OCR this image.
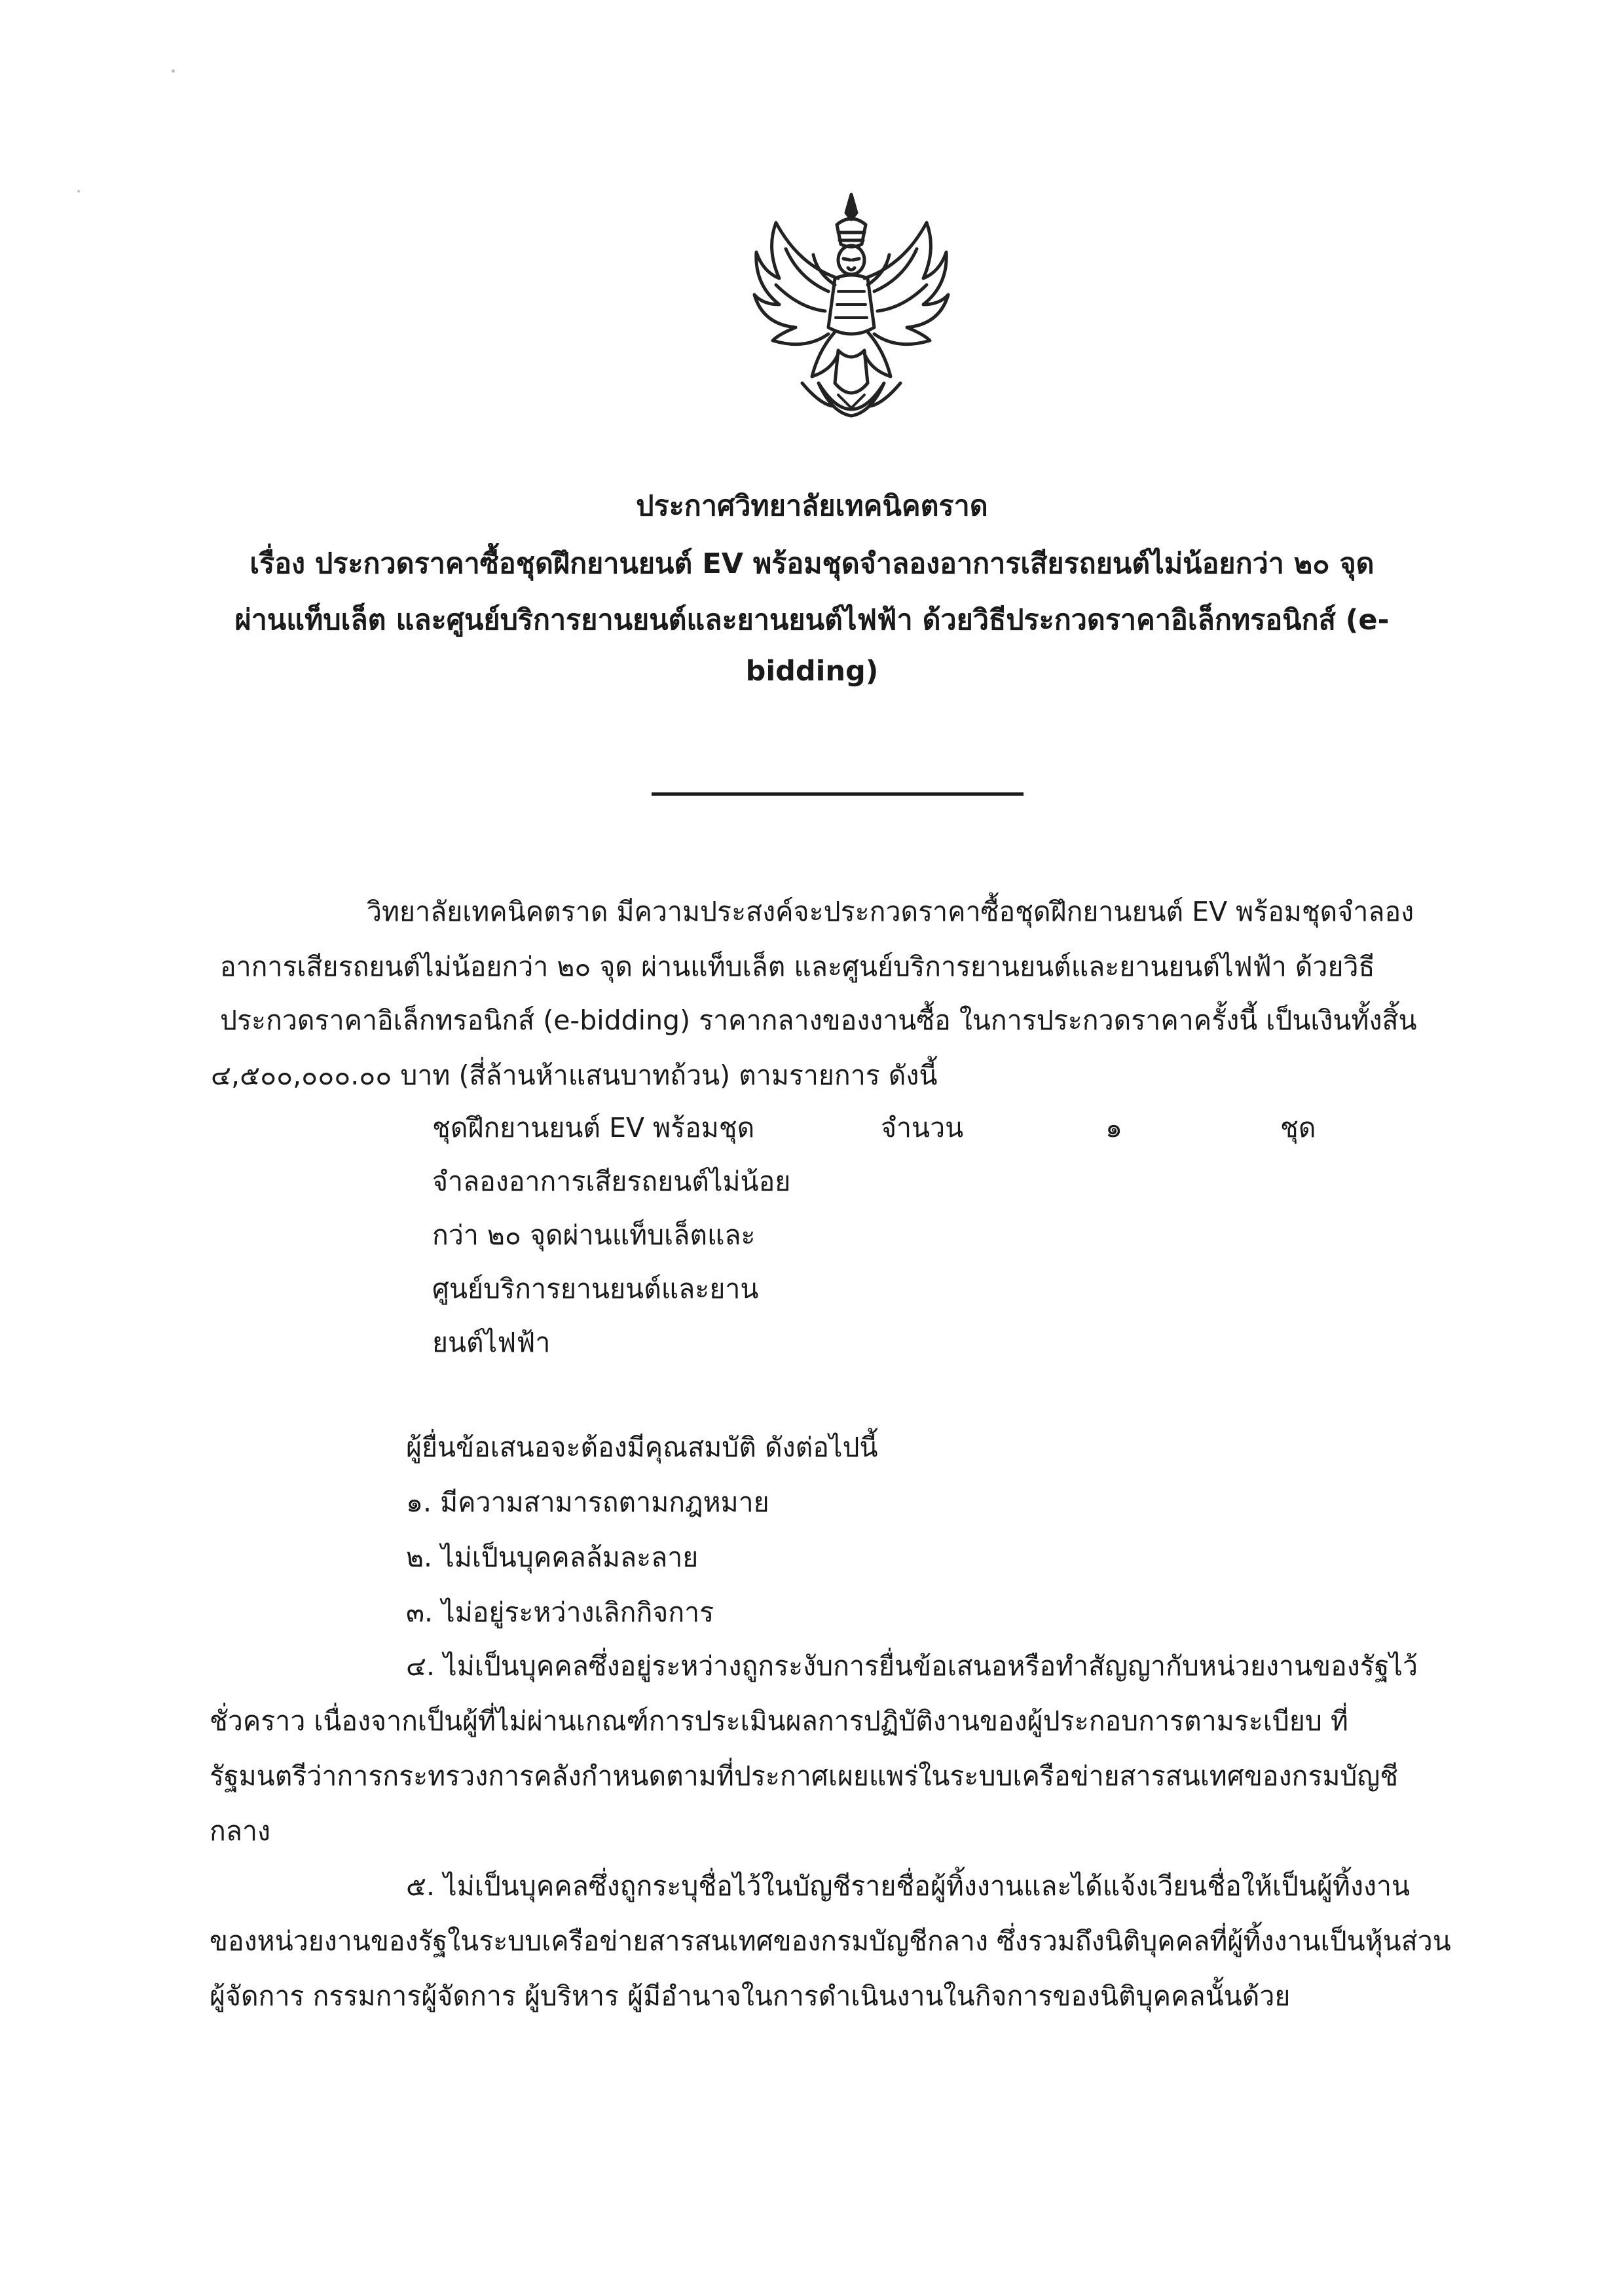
ประกาศวิทยาลัยเทคนิคตราด
เรื่อง ประกวดราคาซื้อชุดฝึกยานยนต์ EV พร้อมชุดจำลองอาการเสียรถยนต์ไม่น้อยกว่า ๒๐ จุด
ผ่านแท็บเล็ต และศูนย์บริการยานยนต์และยานยนต์ไฟฟ้า ด้วยวิธีประกวดราคาอิเล็กทรอนิกส์ (e-
bidding)
วิทยาลัยเทคนิคตราด มีความประสงค์จะประกวดราคาซื้อชุดฝึกยานยนต์ EV พร้อมชุดจำลอง
อาการเสียรถยนต์ไม่น้อยกว่า ๒๐ จุด ผ่านแท็บเล็ต และศูนย์บริการยานยนต์และยานยนต์ไฟฟ้า ด้วยวิธี
ประกวดราคาอิเล็กทรอนิกส์ (e-bidding) ราคากลางของงานซื้อ ในการประกวดราคาครั้งนี้ เป็นเงินทั้งสิ้น
๔,๕๐๐,๐๐๐.๐๐ บาท (สี่ล้านห้าแสนบาทถ้วน) ตามรายการ ดังนี้
ชุดฝึกยานยนต์ EV พร้อมชุด
จำลองอาการเสียรถยนต์ไม่น้อย
กว่า ๒๐ จุดผ่านแท็บเล็ตและ
ศูนย์บริการยานยนต์และยาน
ยนต์ไฟฟ้า
จำนวน	๑	ชุด
ผู้ยื่นข้อเสนอจะต้องมีคุณสมบัติ ดังต่อไปนี้
๑. มีความสามารถตามกฎหมาย
๒. ไม่เป็นบุคคลล้มละลาย
๓. ไม่อยู่ระหว่างเลิกกิจการ
๔. ไม่เป็นบุคคลซึ่งอยู่ระหว่างถูกระงับการยื่นข้อเสนอหรือทำสัญญากับหน่วยงานของรัฐไว้
ชั่วคราว เนื่องจากเป็นผู้ที่ไม่ผ่านเกณฑ์การประเมินผลการปฏิบัติงานของผู้ประกอบการตามระเบียบ ที่
รัฐมนตรีว่าการกระทรวงการคลังกำหนดตามที่ประกาศเผยแพร่ในระบบเครือข่ายสารสนเทศของกรมบัญชี
กลาง
๕. ไม่เป็นบุคคลซึ่งถูกระบุชื่อไว้ในบัญชีรายชื่อผู้ทิ้งงานและได้แจ้งเวียนชื่อให้เป็นผู้ทิ้งงาน
ของหน่วยงานของรัฐในระบบเครือข่ายสารสนเทศของกรมบัญชีกลาง ซึ่งรวมถึงนิติบุคคลที่ผู้ทิ้งงานเป็นหุ้นส่วน
ผู้จัดการ กรรมการผู้จัดการ ผู้บริหาร ผู้มีอำนาจในการดำเนินงานในกิจการของนิติบุคคลนั้นด้วย
